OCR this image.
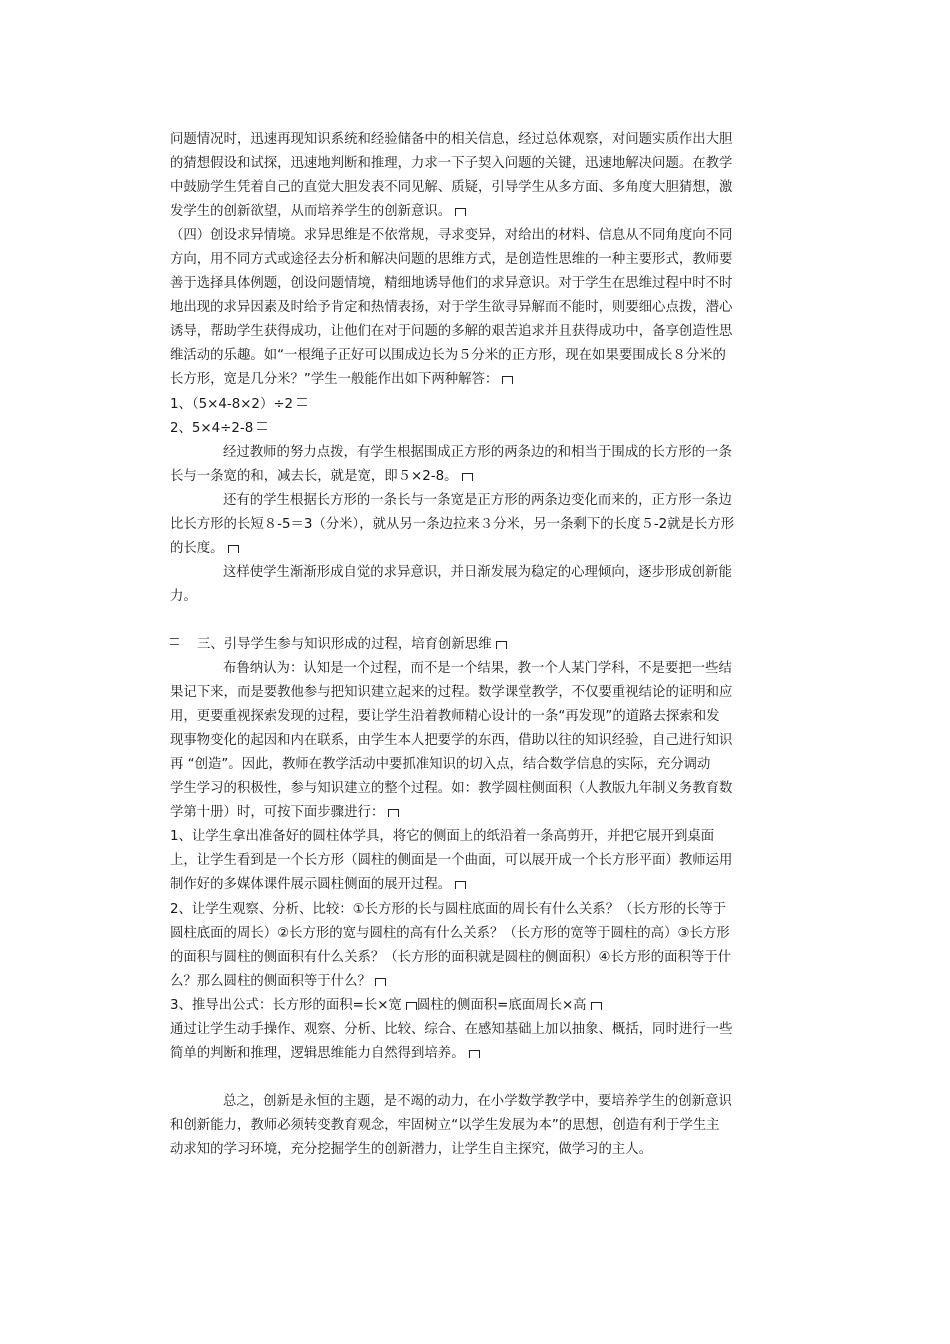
问题情况时，迅速再现知识系统和经验储备中的相关信息，经过总体观察，对问题实质作出大胆
的猜想假设和试探，迅速地判断和推理，力求一下子契入问题的关键，迅速地解决问题。在教学
中鼓励学生凭着自己的直觉大胆发表不同见解、质疑，引导学生从多方面、多角度大胆猜想，激
发学生的创新欲望，从而培养学生的创新意识。
（四）创设求异情境。求异思维是不依常规，寻求变异，对给出的材料、信息从不同角度向不同
方向，用不同方式或途径去分析和解决问题的思维方式，是创造性思维的一种主要形式，教师要
善于选择具体例题，创设问题情境，精细地诱导他们的求异意识。对于学生在思维过程中时不时
地出现的求异因素及时给予肯定和热情表扬，对于学生欲寻异解而不能时，则要细心点拨，潜心
诱导，帮助学生获得成功，让他们在对于问题的多解的艰苦追求并且获得成功中，备享创造性思
维活动的乐趣。如“一根绳子正好可以围成边长为５分米的正方形，现在如果要围成长８分米的
长方形，宽是几分米？”学生一般能作出如下两种解答：
1、（5×4-8×2）÷2
2、5×4÷2-8
经过教师的努力点拨，有学生根据围成正方形的两条边的和相当于围成的长方形的一条
长与一条宽的和，减去长，就是宽，即５×2-8。
还有的学生根据长方形的一条长与一条宽是正方形的两条边变化而来的，正方形一条边
比长方形的长短８-5＝3（分米），就从另一条边拉来３分米，另一条剩下的长度５-2就是长方形
的长度。
这样使学生渐渐形成自觉的求异意识，并日渐发展为稳定的心理倾向，逐步形成创新能
力。
三、引导学生参与知识形成的过程，培育创新思维
布鲁纳认为：认知是一个过程，而不是一个结果，教一个人某门学科，不是要把一些结
果记下来，而是要教他参与把知识建立起来的过程。数学课堂教学，不仅要重视结论的证明和应
用，更要重视探索发现的过程，要让学生沿着教师精心设计的一条“再发现”的道路去探索和发
现事物变化的起因和内在联系，由学生本人把要学的东西，借助以往的知识经验，自己进行知识
再 “创造”。因此，教师在教学活动中要抓准知识的切入点，结合数学信息的实际，充分调动
学生学习的积极性，参与知识建立的整个过程。如：教学圆柱侧面积（人教版九年制义务教育数
学第十册）时，可按下面步骤进行：
1、让学生拿出准备好的圆柱体学具，将它的侧面上的纸沿着一条高剪开，并把它展开到桌面
上，让学生看到是一个长方形（圆柱的侧面是一个曲面，可以展开成一个长方形平面）教师运用
制作好的多媒体课件展示圆柱侧面的展开过程。
2、让学生观察、分析、比较：①长方形的长与圆柱底面的周长有什么关系？（长方形的长等于
圆柱底面的周长）②长方形的宽与圆柱的高有什么关系？（长方形的宽等于圆柱的高）③长方形
的面积与圆柱的侧面积有什么关系？（长方形的面积就是圆柱的侧面积）④长方形的面积等于什
么？那么圆柱的侧面积等于什么？
3、推导出公式：长方形的面积=长×宽 圆柱的侧面积=底面周长×高
通过让学生动手操作、观察、分析、比较、综合、在感知基础上加以抽象、概括，同时进行一些
简单的判断和推理，逻辑思维能力自然得到培养。
总之，创新是永恒的主题，是不竭的动力，在小学数学教学中，要培养学生的创新意识
和创新能力，教师必须转变教育观念，牢固树立“以学生发展为本”的思想，创造有利于学生主
动求知的学习环境，充分挖掘学生的创新潜力，让学生自主探究，做学习的主人。
